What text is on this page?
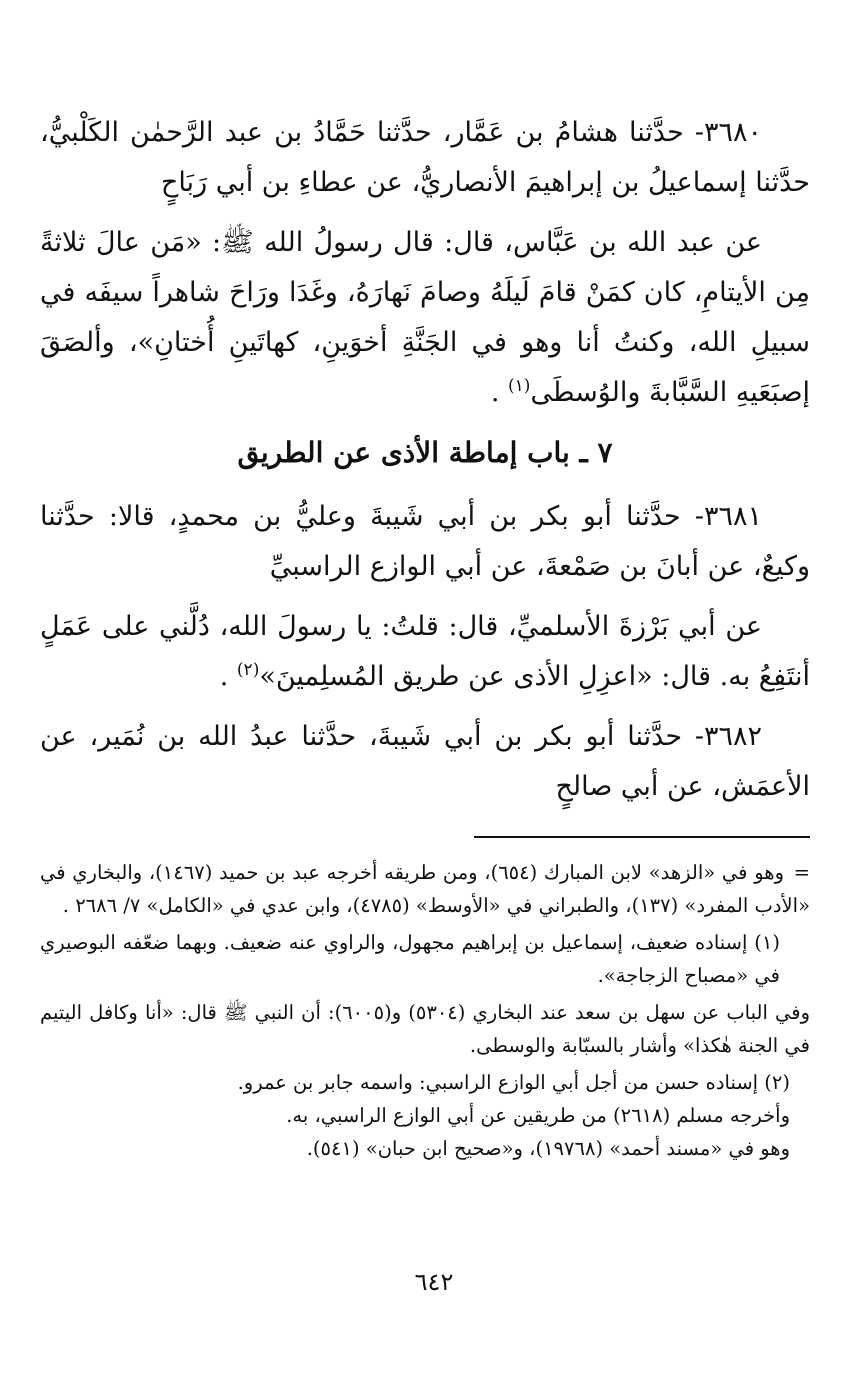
٣٦٨٠- حدَّثنا هشامُ بن عَمَّار، حدَّثنا حَمَّادُ بن عبد الرَّحمٰن الكَلْبيُّ، حدَّثنا إسماعيلُ بن إبراهيمَ الأنصاريُّ، عن عطاءِ بن أبي رَبَاحٍ

عن عبد الله بن عَبَّاس، قال: قال رسولُ الله ﷺ: «مَن عالَ ثلاثةً مِن الأيتامِ، كان كمَنْ قامَ لَيلَهُ وصامَ نَهارَهُ، وغَدَا ورَاحَ شاهراً سيفَه في سبيلِ الله، وكنتُ أنا وهو في الجَنَّةِ أخوَينِ، كهاتَينِ أُختانِ»، وألصَقَ إصبَعَيهِ السَّبَّابةَ والوُسطَى$^{(١)}$ .

٧ ـ باب إماطة الأذى عن الطريق

٣٦٨١- حدَّثنا أبو بكر بن أبي شَيبةَ وعليُّ بن محمدٍ، قالا: حدَّثنا وكيعٌ، عن أبانَ بن صَمْعةَ، عن أبي الوازع الراسبيِّ

عن أبي بَرْزةَ الأسلميِّ، قال: قلتُ: يا رسولَ الله، دُلَّني على عَمَلٍ أنتَفِعُ به. قال: «اعزِلِ الأذى عن طريق المُسلِمينَ»$^{(٢)}$ .

٣٦٨٢- حدَّثنا أبو بكر بن أبي شَيبةَ، حدَّثنا عبدُ الله بن نُمَير، عن الأعمَش، عن أبي صالحٍ

=وهو في «الزهد» لابن المبارك (٦٥٤)، ومن طريقه أخرجه عبد بن حميد (١٤٦٧)، والبخاري في «الأدب المفرد» (١٣٧)، والطبراني في «الأوسط» (٤٧٨٥)، وابن عدي في «الكامل» ٧/ ٢٦٨٦ .

(١) إسناده ضعيف، إسماعيل بن إبراهيم مجهول، والراوي عنه ضعيف. وبهما ضعّفه البوصيري في «مصباح الزجاجة».

وفي الباب عن سهل بن سعد عند البخاري (٥٣٠٤) و(٦٠٠٥): أن النبي ﷺ قال: «أنا وكافل اليتيم في الجنة هٰكذا» وأشار بالسبّابة والوسطى.

(٢) إسناده حسن من أجل أبي الوازع الراسبي: واسمه جابر بن عمرو.

وأخرجه مسلم (٢٦١٨) من طريقين عن أبي الوازع الراسبي، به.

وهو في «مسند أحمد» (١٩٧٦٨)، و«صحيح ابن حبان» (٥٤١).

٦٤٢
